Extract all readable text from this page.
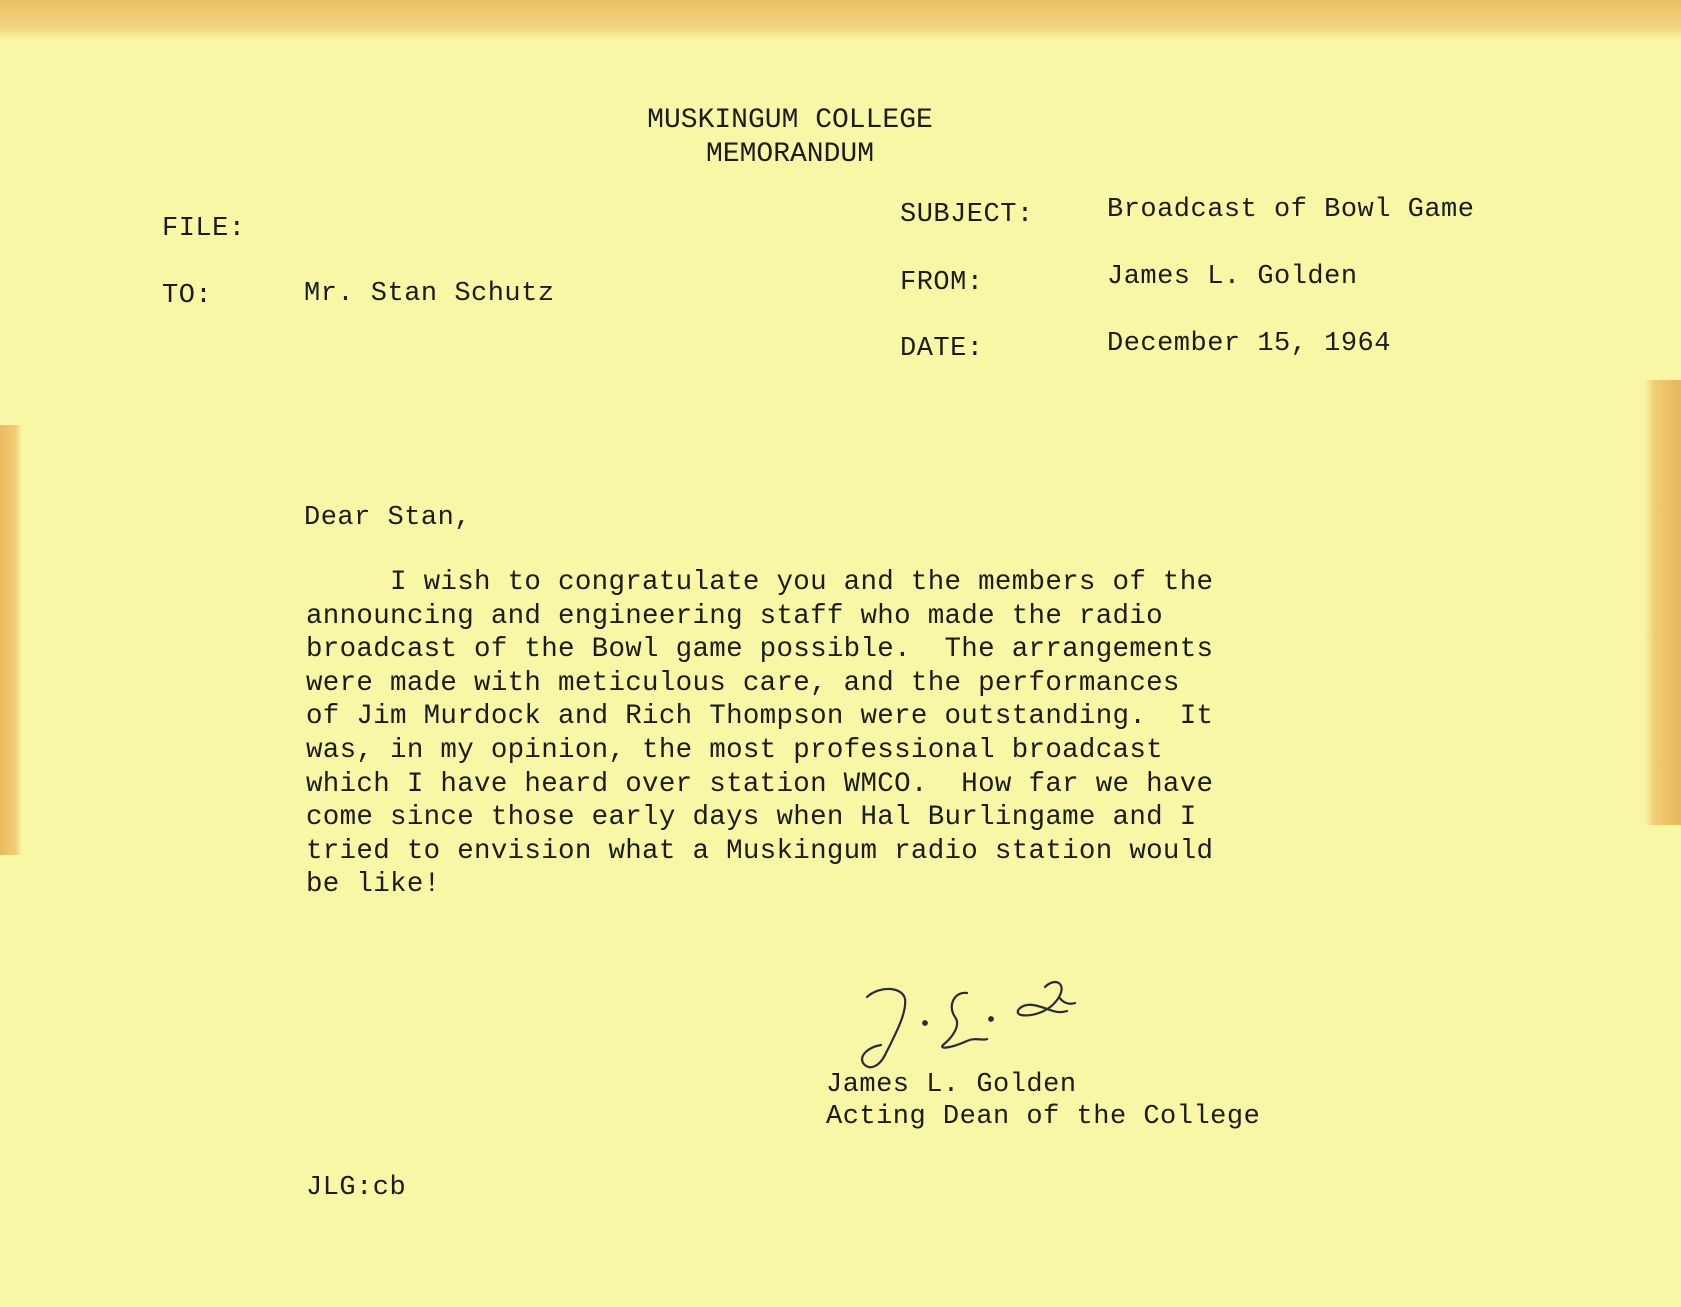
MUSKINGUM COLLEGE
MEMORANDUM
FILE:
TO:	Mr. Stan Schutz
SUBJECT:	Broadcast of Bowl Game
FROM:	James L. Golden
DATE:	December 15, 1964
Dear Stan,
I wish to congratulate you and the members of the
announcing and engineering staff who made the radio
broadcast of the Bowl game possible.  The arrangements
were made with meticulous care, and the performances
of Jim Murdock and Rich Thompson were outstanding.  It
was, in my opinion, the most professional broadcast
which I have heard over station WMCO.  How far we have
come since those early days when Hal Burlingame and I
tried to envision what a Muskingum radio station would
be like!
James L. Golden
Acting Dean of the College
JLG:cb
